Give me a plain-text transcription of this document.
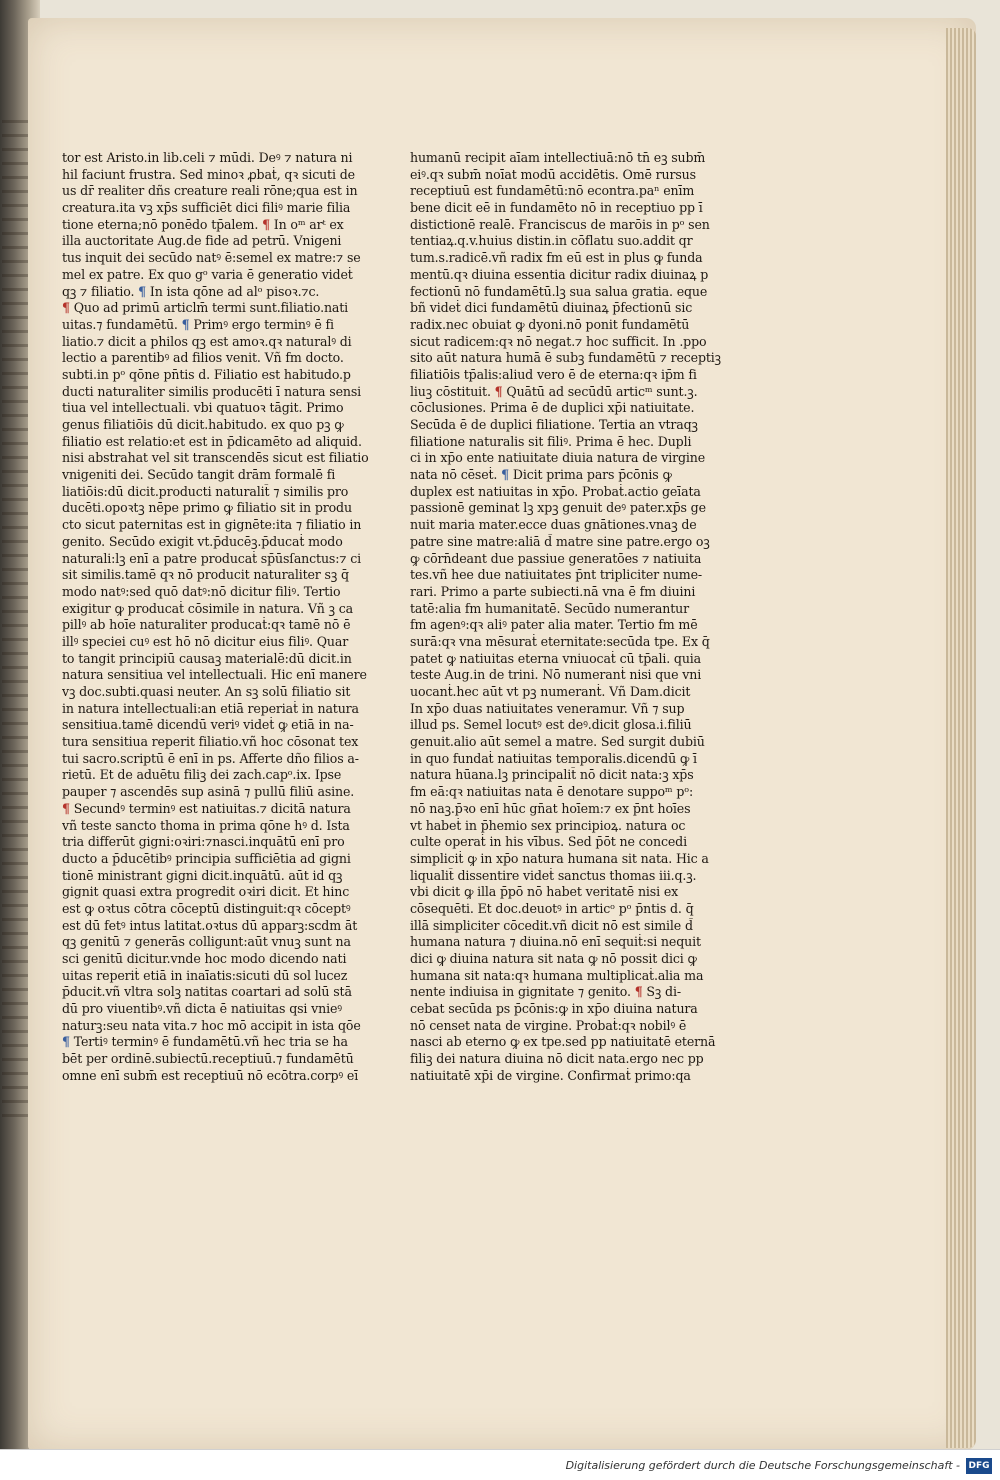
tor est Aristo.in lib.celi ⁊ mūdi. Deꝰ ⁊ natura ni
hil faciunt frustra. Sed minoꝛ ꝓbaṫ, qꝛ sicuti de
us dr̄ realiter dñs creature reali rōne;qua est in
creatura.ita vꝫ xp̄s sufficiēt dici filiꝰ marie filia
tione eterna;nō ponēdo tp̄alem. ¶ In oᵐ arᵗ ex
illa auctoritate Aug.de fide ad petrū. Vnigeni
tus inquit dei secūdo natꝰ ē:semel ex matre:⁊ se
mel ex patre. Ex quo gᵒ varia ē generatio videṫ
qꝫ ⁊ filiatio. ¶ In ista qōne ad alᵒ pisoꝛ.⁊c.
¶ Quo ad primū articlm̄ termi sunt.filiatio.nati
uitas.⁊ fundamētū. ¶ Primꝰ ergo terminꝰ ē fi
liatio.⁊ dicit a philos qꝫ est amoꝛ.qꝛ naturalꝰ di
lectio a parentibꝰ ad filios venit. Vñ fm docto.
subti.in pᵒ qōne pn̄tis d. Filiatio est habitudo.p
ducti naturaliter similis producēti ī natura sensi
tiua vel intellectuali. vbi quatuoꝛ tāgit. Primo
genus filiatiōis dū dicit.habitudo. ex quo pꝫ ꝙ
filiatio est relatio:et est in p̄dicamēto ad aliquid.
nisi abstrahat vel sit transcendēs sicut est filiatio
vnigeniti dei. Secūdo tangit drām formalē fi
liatiōis:dū dicit.producti naturalit̄ ⁊ similis pro
ducēti.opoꝛtꝫ nēpe primo ꝙ filiatio sit in produ
cto sicut paternitas est in gignēte:ita ⁊ filiatio in
genito. Secūdo exigit vt.p̄ducēꝫ.p̄ducaṫ modo
naturali:lꝫ enī a patre producaṫ sp̄ūsſanctus:⁊ ci
sit similis.tamē qꝛ nō producit naturaliter sꝫ q̄
modo natꝰ:sed quō datꝰ:nō dicitur filiꝰ. Tertio
exigitur ꝙ producaṫ cōsimile in natura. Vñ ꝫ ca
pillꝰ ab hoīe naturaliter producaṫ:qꝛ tamē nō ē
illꝰ speciei cuꝰ est hō nō dicitur eius filiꝰ. Quar
to tangit principiū causaꝫ materialē:dū dicit.in
natura sensitiua vel intellectuali. Hic enī manere
vꝫ doc.subti.quasi neuter. An sꝫ solū filiatio sit
in natura intellectuali:an etiā reperiaṫ in natura
sensitiua.tamē dicendū veriꝰ videṫ ꝙ etiā in na-
tura sensitiua reperit filiatio.vñ hoc cōsonat tex
tui sacro.scriptū ē enī in ps. Afferte dño filios a-
rietū. Et de aduētu filiꝫ dei zach.capᵒ.ix. Ipse
pauper ⁊ ascendēs sup asinā ⁊ pullū filiū asine.
¶ Secundꝰ terminꝰ est natiuitas.⁊ dicitā natura
vñ teste sancto thoma in prima qōne hꝰ d. Ista
tria differūt gigni:oꝛiri:⁊nasci.inquātū enī pro
ducto a p̄ducētibꝰ principia sufficiētia ad gigni
tionē ministrant gigni dicit.inquātū. aūt id qꝫ
gignit quasi extra progredit oꝛiri dicit. Et hinc
est ꝙ oꝛtus cōtra cōceptū distinguit:qꝛ cōceptꝰ
est dū fetꝰ intus latitat.oꝛtus dū apparꝫ:scdm āt
qꝫ genitū ⁊ generās colligunt:aūt vnuꝫ sunt na
sci genitū dicitur.vnde hoc modo dicendo nati
uitas reperiṫ etiā in inaīatis:sicuti dū sol lucez
p̄ducit.vñ vltra solꝫ natitas coartari ad solū stā
dū pro viuentibꝰ.vñ dicta ē natiuitas qsi vnieꝰ
naturꝫ:seu nata vita.⁊ hoc mō accipit in ista qōe
¶ Tertiꝰ terminꝰ ē fundamētū.vñ hec tria se ha
bēt per ordinē.subiectū.receptiuū.⁊ fundamētū
omne enī subm̄ est receptiuū nō ecōtra.corpꝰ eī
humanū recipit aīam intellectiuā:nō tn̄ eꝫ subm̄
eiꝰ.qꝛ subm̄ noīat modū accidētis. Omē rursus
receptiuū est fundamētū:nō econtra.paⁿ enīm
bene dicit eē in fundamēto nō in receptiuo pp ī
distictionē realē. Franciscus de marōis in pᵒ sen
tentiaꝝ.q.v.huius distin.in cōflatu suo.addit qr
tum.s.radicē.vñ radix fm eū est in plus ꝙ funda
mentū.qꝛ diuina essentia dicitur radix diuinaꝝ p
fectionū nō fundamētū.lꝫ sua salua gratia. eque
bñ videṫ dici fundamētū diuinaꝝ p̄fectionū sic
radix.nec obuiat ꝙ dyoni.nō ponit fundamētū
sicut radicem:qꝛ nō negat.⁊ hoc sufficit. In .ppo
sito aūt natura humā ē subꝫ fundamētū ⁊ receptiꝫ
filiatiōis tp̄alis:aliud vero ē de eterna:qꝛ ip̄m fi
liuꝫ cōstituit. ¶ Quātū ad secūdū articᵐ sunt.ꝫ.
cōclusiones. Prima ē de duplici xp̄i natiuitate.
Secūda ē de duplici filiatione. Tertia an vtraqꝫ
filiatione naturalis sit filiꝰ. Prima ē hec. Dupli
ci in xp̄o ente natiuitate diuia natura de virgine
nata nō cēseṫ. ¶ Dicit prima pars p̄cōnis ꝙ
duplex est natiuitas in xp̄o. Probaṫ.actio geīata
passionē geminat lꝫ xpꝫ genuit deꝰ pater.xp̄s ge
nuit maria mater.ecce duas gnātiones.vnaꝫ de
patre sine matre:aliā d̄ matre sine patre.ergo oꝫ
ꝙ cōrn̄deant due passiue generatōes ⁊ natiuita
tes.vñ hee due natiuitates p̄nt tripliciter nume-
rari. Primo a parte subiecti.nā vna ē fm diuini
tatē:alia fm humanitatē. Secūdo numerantur
fm agenꝰ:qꝛ aliꝰ pater alia mater. Tertio fm mē
surā:qꝛ vna mēsuraṫ eternitate:secūda tpe. Ex q̄
patet ꝙ natiuitas eterna vniuocaṫ cū tp̄ali. quia
teste Aug.in de trini. Nō numeranṫ nisi que vni
uocanṫ.hec aūt vt pꝫ numeranṫ. Vñ Dam.dicit
In xp̄o duas natiuitates veneramur. Vñ ⁊ sup
illud ps. Semel locutꝰ est deꝰ.dicit glosa.i.filiū
genuit.alio aūt semel a matre. Sed surgit dubiū
in quo fundaṫ natiuitas temporalis.dicendū ꝙ ī
natura hūana.lꝫ principalit̄ nō dicit nata:ꝫ xp̄s
fm eā:qꝛ natiuitas nata ē denotare suppoᵐ pᵒ:
nō naꝫ.p̄ꝛo enī hūc gn̄at hoīem:⁊ ex p̄nt hoīes
vt habeṫ in p̄hemio sex principioꝝ. natura oc
culte operaṫ in his vībus. Sed p̄ōt ne concedi
simpliciṫ ꝙ in xp̄o natura humana sit nata. Hic a
liqualit̄ dissentire videṫ sanctus thomas iii.q.ꝫ.
vbi dicit ꝙ illa p̄pō nō habet veritatē nisi ex
cōsequēti. Et doc.deuotꝰ in articᵒ pᵒ p̄ntis d. q̄
illā simpliciter cōcedit.vñ dicit nō est simile d̄
humana natura ⁊ diuina.nō enī sequiṫ:si nequit
dici ꝙ diuina natura sit nata ꝙ nō possit dici ꝙ
humana sit nata:qꝛ humana multiplicaṫ.alia ma
nente indiuisa in gignitate ⁊ genito. ¶ Sꝫ di-
cebat secūda ps p̄cōnis:ꝙ in xp̄o diuina natura
nō censet nata de virgine. Probaṫ:qꝛ nobilꝰ ē
nasci ab eterno ꝙ ex tpe.sed pp natiuitatē eternā
filiꝫ dei natura diuina nō dicit nata.ergo nec pp
natiuitatē xp̄i de virgine. Confirmaṫ primo:qa
Digitalisierung gefördert durch die Deutsche Forschungsgemeinschaft - DFG
